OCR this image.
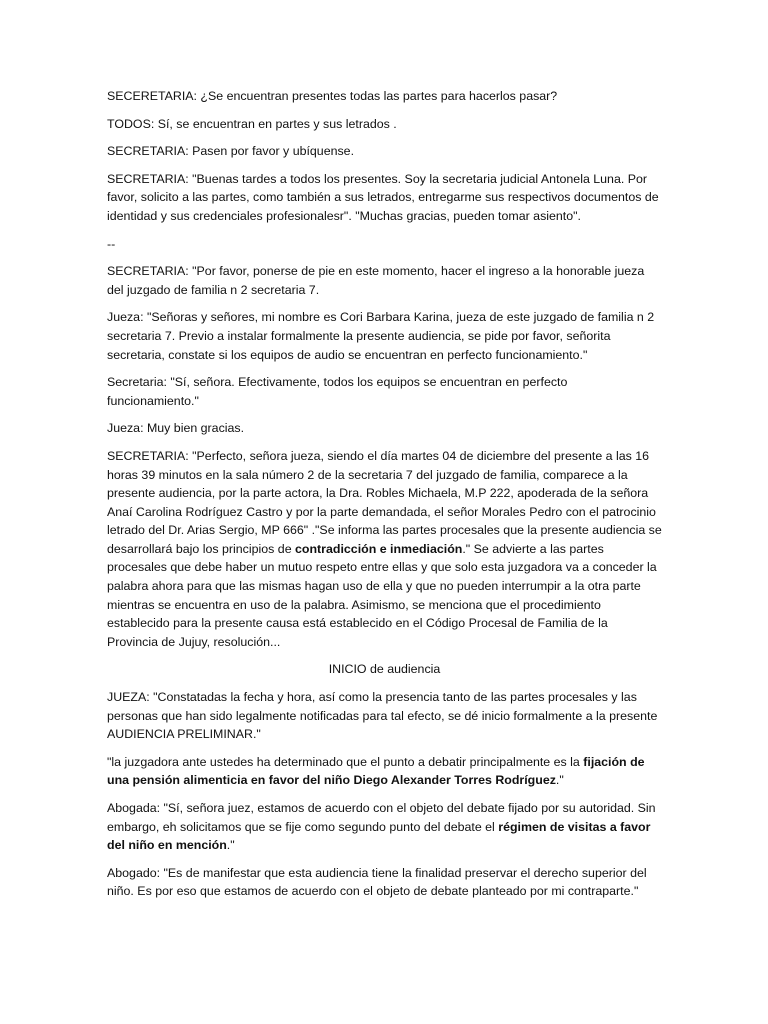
SECERETARIA: ¿Se encuentran presentes todas las partes para hacerlos pasar?

TODOS: Sí, se encuentran en partes y sus letrados .

SECRETARIA: Pasen por favor y ubíquense.

SECRETARIA: "Buenas tardes a todos los presentes. Soy la secretaria judicial Antonela Luna. Por favor, solicito a las partes, como también a sus letrados, entregarme sus respectivos documentos de identidad y sus credenciales profesionalesr". "Muchas gracias, pueden tomar asiento".

--

SECRETARIA: "Por favor, ponerse de pie en este momento, hacer el ingreso a la honorable jueza del juzgado de familia n 2 secretaria 7.

Jueza: "Señoras y señores, mi nombre es Cori Barbara Karina, jueza de este juzgado de familia n 2 secretaria 7. Previo a instalar formalmente la presente audiencia, se pide por favor, señorita secretaria, constate si los equipos de audio se encuentran en perfecto funcionamiento."

Secretaria: "Sí, señora. Efectivamente, todos los equipos se encuentran en perfecto funcionamiento."

Jueza: Muy bien gracias.

SECRETARIA: "Perfecto, señora jueza, siendo el día martes 04 de diciembre del presente a las 16 horas 39 minutos en la sala número 2 de la secretaria 7 del juzgado de familia, comparece a la presente audiencia, por la parte actora, la Dra. Robles Michaela, M.P 222, apoderada de la señora Anaí Carolina Rodríguez Castro y por la parte demandada, el señor Morales Pedro con el patrocinio letrado del Dr. Arias Sergio, MP 666" ."Se informa las partes procesales que la presente audiencia se desarrollará bajo los principios de contradicción e inmediación." Se advierte a las partes procesales que debe haber un mutuo respeto entre ellas y que solo esta juzgadora va a conceder la palabra ahora para que las mismas hagan uso de ella y que no pueden interrumpir a la otra parte mientras se encuentra en uso de la palabra. Asimismo, se menciona que el procedimiento establecido para la presente causa está establecido en el Código Procesal de Familia de la Provincia de Jujuy, resolución...

INICIO de audiencia

JUEZA: "Constatadas la fecha y hora, así como la presencia tanto de las partes procesales y las personas que han sido legalmente notificadas para tal efecto, se dé inicio formalmente a la presente AUDIENCIA PRELIMINAR."

"la juzgadora ante ustedes ha determinado que el punto a debatir principalmente es la fijación de una pensión alimenticia en favor del niño Diego Alexander Torres Rodríguez."

Abogada: "Sí, señora juez, estamos de acuerdo con el objeto del debate fijado por su autoridad. Sin embargo, eh solicitamos que se fije como segundo punto del debate el régimen de visitas a favor del niño en mención."

Abogado: "Es de manifestar que esta audiencia tiene la finalidad preservar el derecho superior del niño. Es por eso que estamos de acuerdo con el objeto de debate planteado por mi contraparte."
